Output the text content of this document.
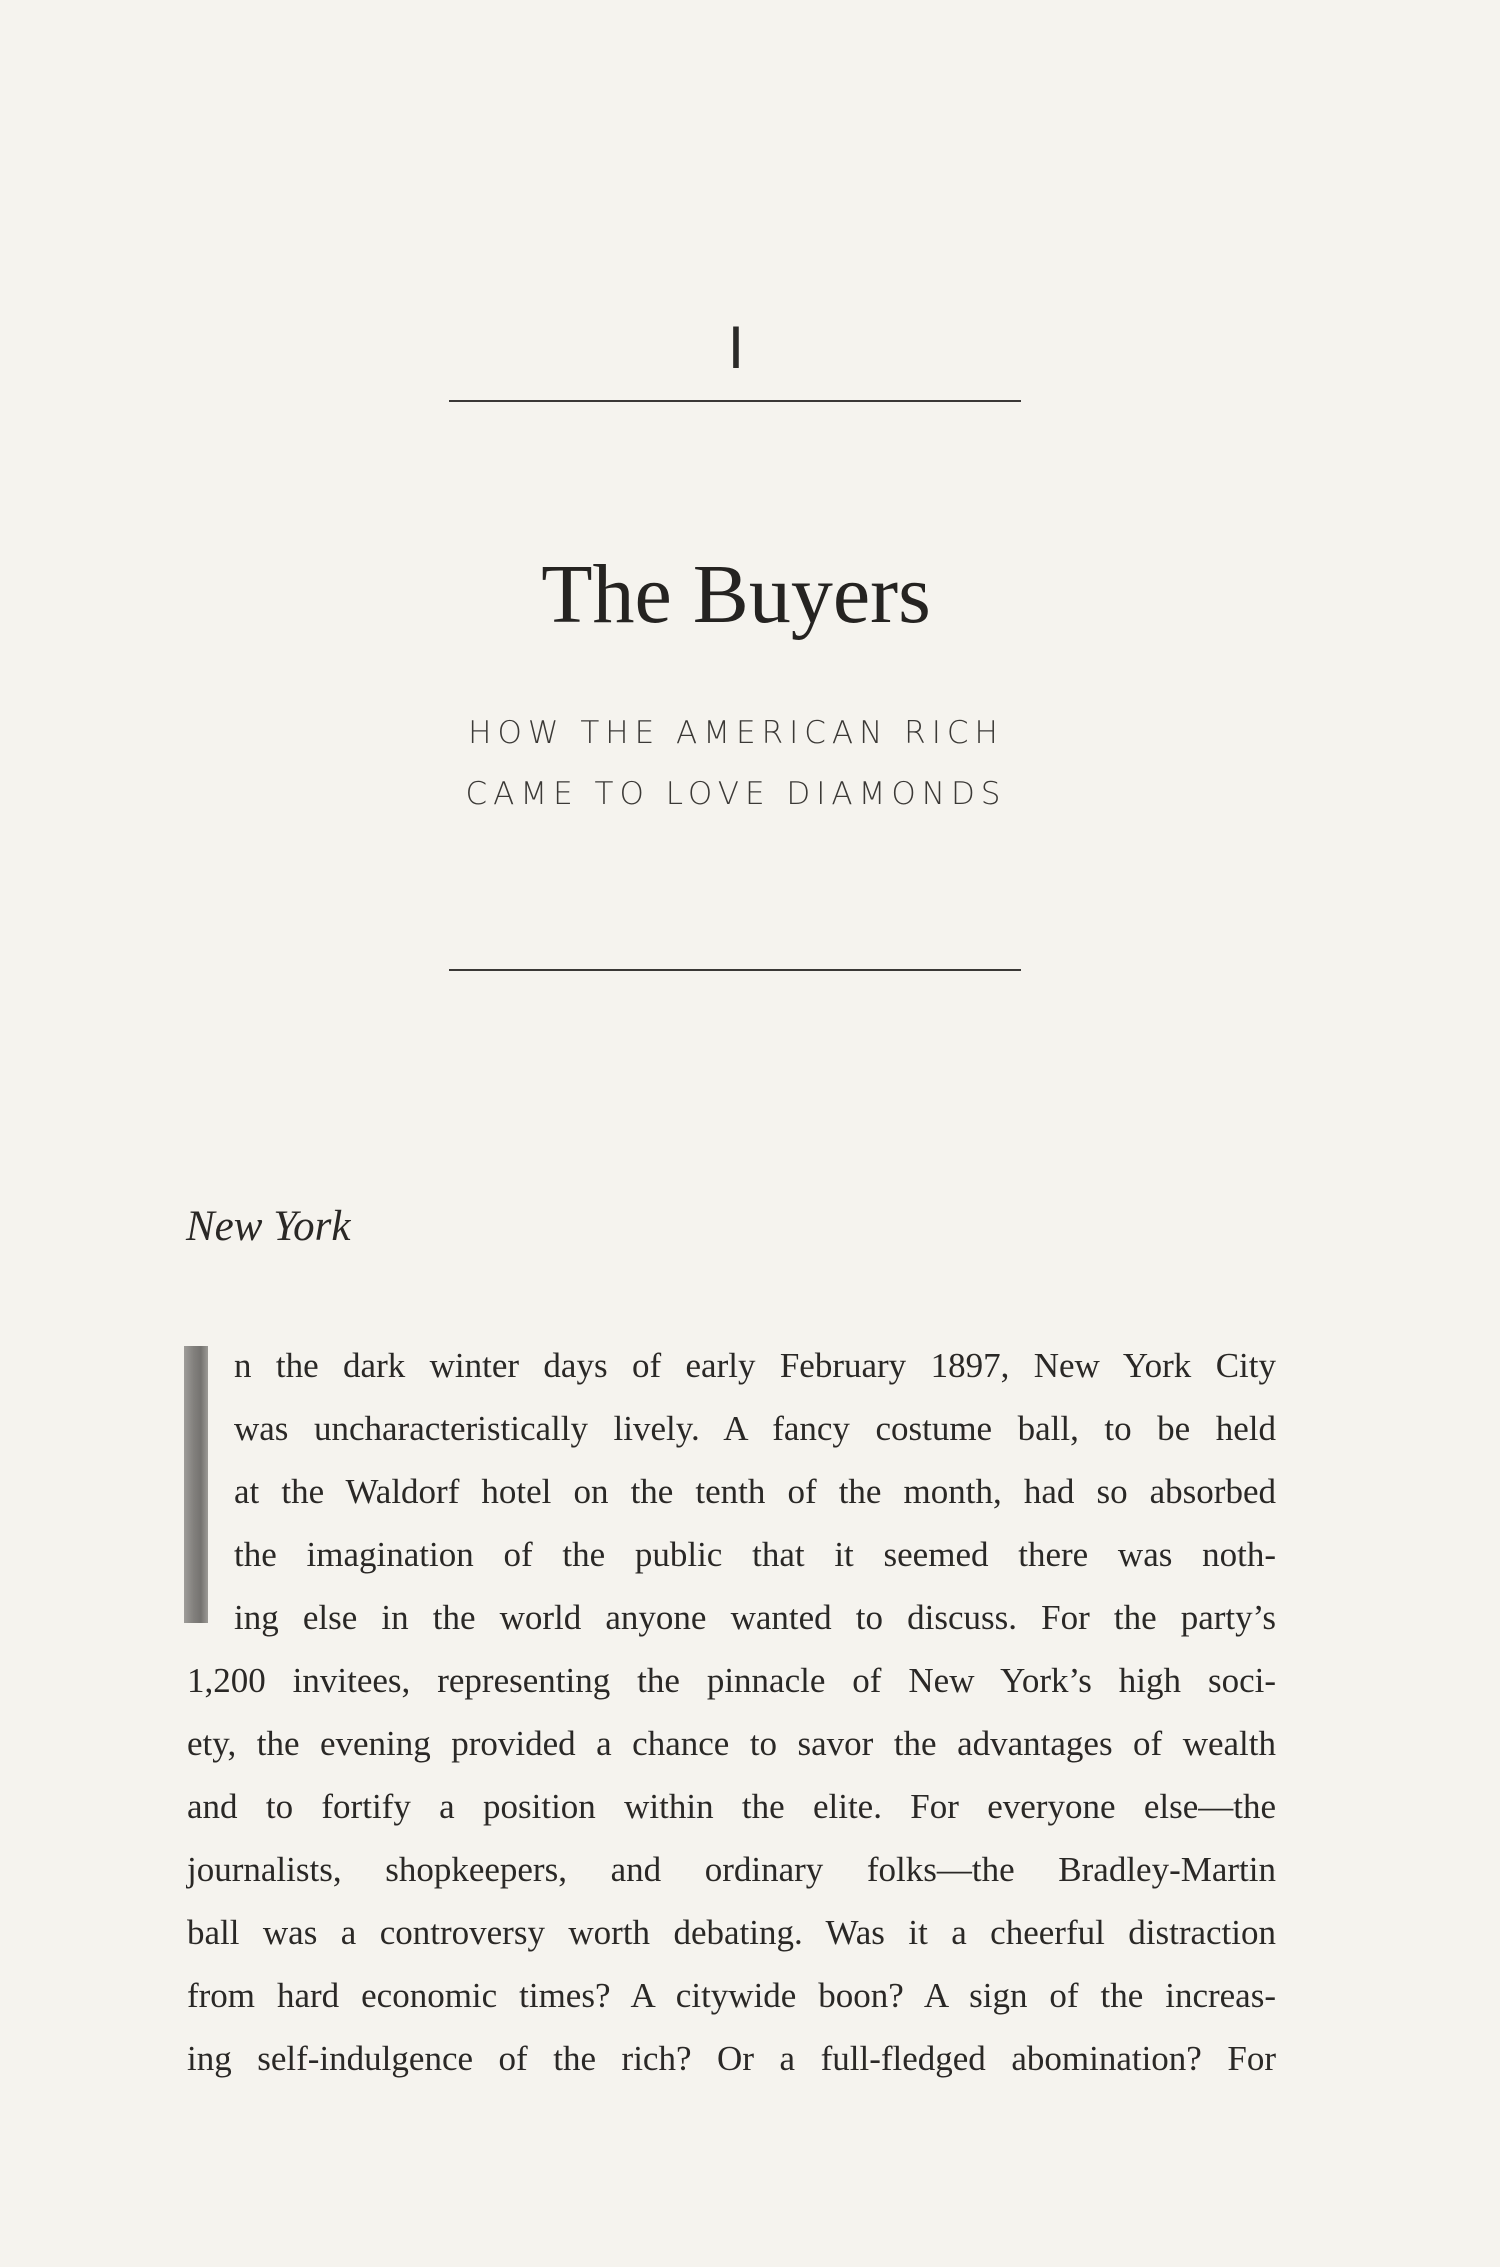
I
The Buyers
HOW THE AMERICAN RICH
CAME TO LOVE DIAMONDS
New York
n the dark winter days of early February 1897, New York City
was uncharacteristically lively. A fancy costume ball, to be held
at the Waldorf hotel on the tenth of the month, had so absorbed
the imagination of the public that it seemed there was noth-
ing else in the world anyone wanted to discuss. For the party’s
1,200 invitees, representing the pinnacle of New York’s high soci-
ety, the evening provided a chance to savor the advantages of wealth
and to fortify a position within the elite. For everyone else—the
journalists, shopkeepers, and ordinary folks—the Bradley-Martin
ball was a controversy worth debating. Was it a cheerful distraction
from hard economic times? A citywide boon? A sign of the increas-
ing self-indulgence of the rich? Or a full-fledged abomination? For
